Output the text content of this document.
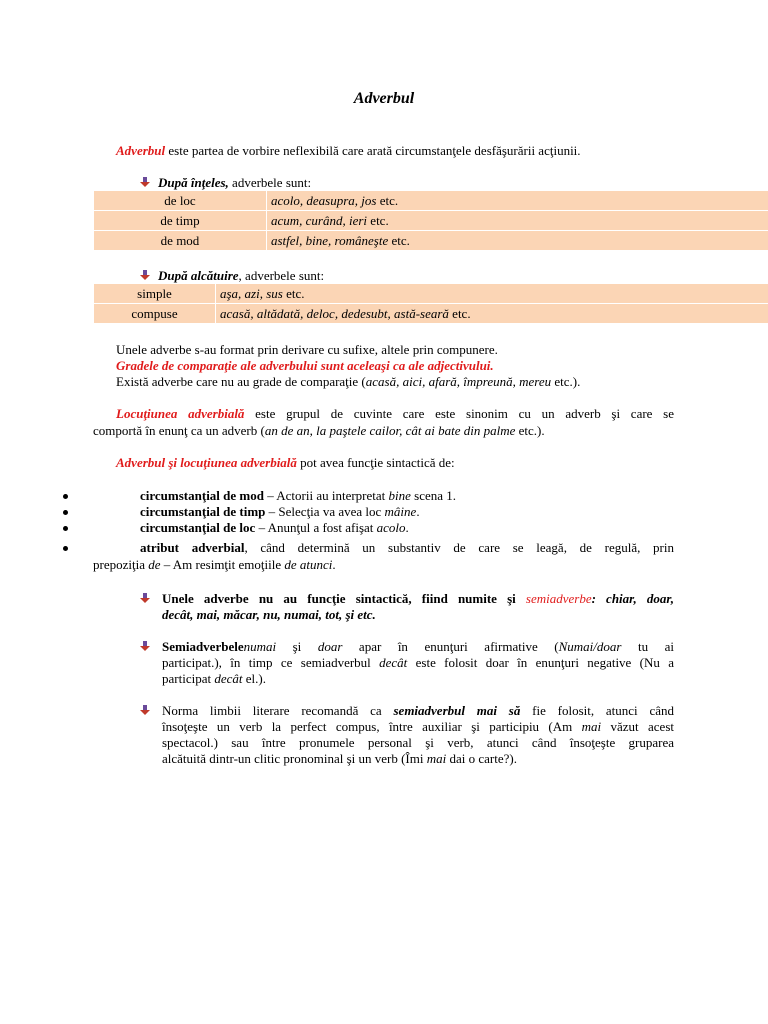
Adverbul
Adverbul este partea de vorbire neflexibilă care arată circumstanţele desfăşurării acţiunii.
După înţeles, adverbele sunt:
de loc	acolo, deasupra, jos etc.
de timp	acum, curând, ieri etc.
de mod	astfel, bine, româneşte etc.
După alcătuire, adverbele sunt:
simple	aşa, azi, sus etc.
compuse	acasă, altădată, deloc, dedesubt, astă-seară etc.
Unele adverbe s-au format prin derivare cu sufixe, altele prin compunere.
Gradele de comparaţie ale adverbului sunt aceleaşi ca ale adjectivului.
Există adverbe care nu au grade de comparaţie (acasă, aici, afară, împreună, mereu etc.).
Locuţiunea adverbială este grupul de cuvinte care este sinonim cu un adverb şi care se
comportă în enunţ ca un adverb (an de an, la paştele cailor, cât ai bate din palme etc.).
Adverbul şi locuţiunea adverbială pot avea funcţie sintactică de:
circumstanţial de mod – Actorii au interpretat bine scena 1.
circumstanţial de timp – Selecţia va avea loc mâine.
circumstanţial de loc – Anunţul a fost afişat acolo.
atribut adverbial, când determină un substantiv de care se leagă, de regulă, prin
prepoziţia de – Am resimţit emoţiile de atunci.
Unele adverbe nu au funcţie sintactică, fiind numite şi semiadverbe: chiar, doar,
decât, mai, măcar, nu, numai, tot, şi etc.
Semiadverbelenumai şi doar apar în enunţuri afirmative (Numai/doar tu ai
participat.), în timp ce semiadverbul decât este folosit doar în enunţuri negative (Nu a
participat decât el.).
Norma limbii literare recomandă ca semiadverbul mai să fie folosit, atunci când
însoţeşte un verb la perfect compus, între auxiliar şi participiu (Am mai văzut acest
spectacol.) sau între pronumele personal şi verb, atunci când însoţeşte gruparea
alcătuită dintr-un clitic pronominal şi un verb (Îmi mai dai o carte?).
